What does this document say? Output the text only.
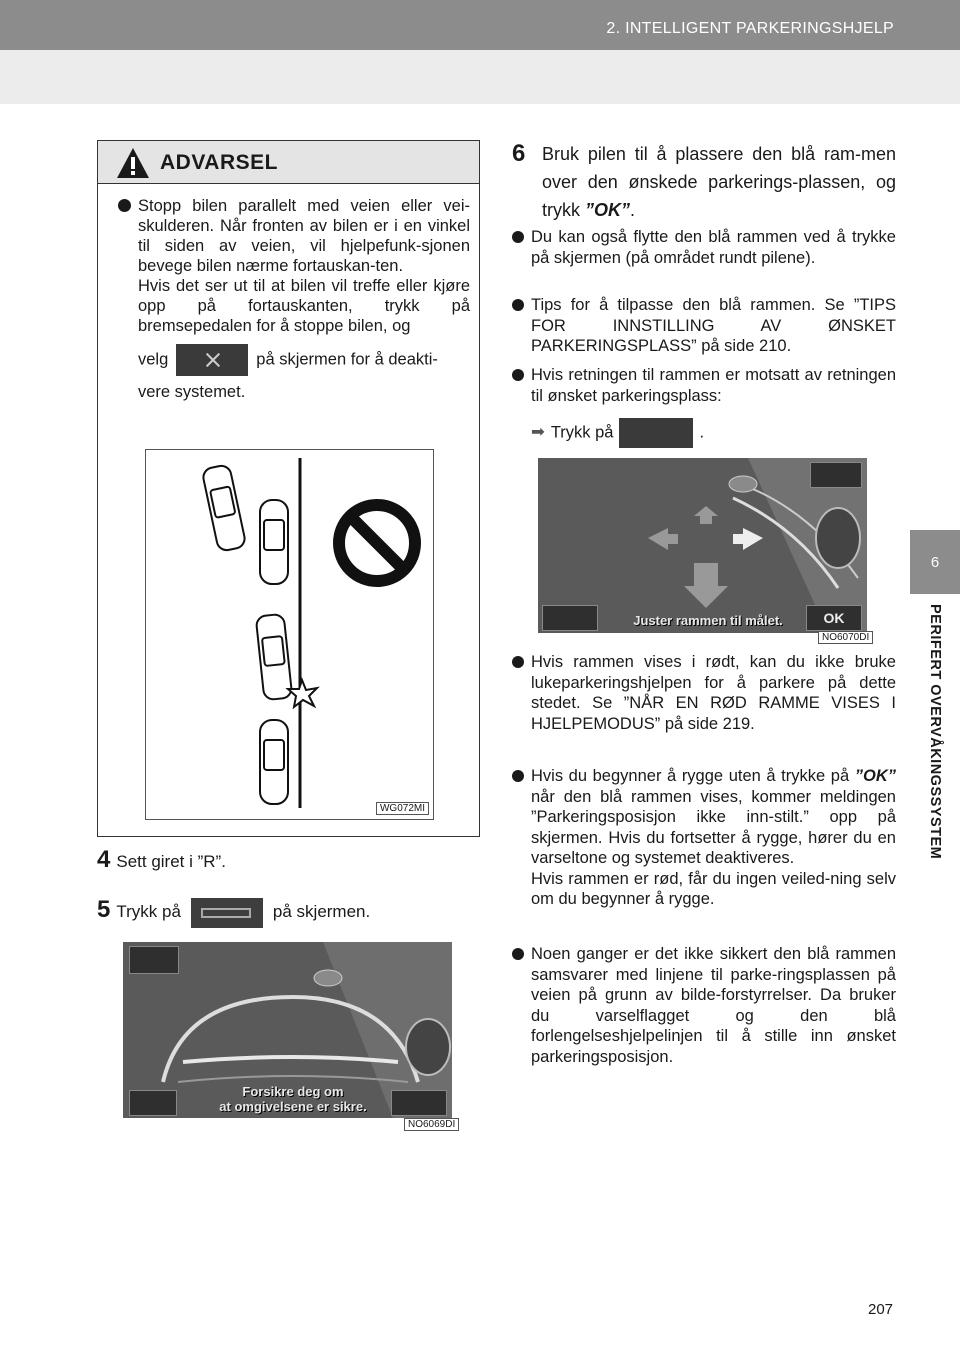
2. INTELLIGENT PARKERINGSHJELP
6
PERIFERT OVERVÅKINGSSYSTEM
ADVARSEL
Stopp bilen parallelt med veien eller vei-skulderen. Når fronten av bilen er i en vinkel til siden av veien, vil hjelpefunk-sjonen bevege bilen nærme fortauskan-ten.
Hvis det ser ut til at bilen vil treffe eller kjøre opp på fortauskanten, trykk på bremsepedalen for å stoppe bilen, og
velg	på skjermen for å deakti-
vere systemet.
WG072MI
4 Sett giret i ”R”.
5 Trykk på	på skjermen.
Forsikre deg om
at omgivelsene er sikre.
NO6069DI
6 Bruk pilen til å plassere den blå ram-men over den ønskede parkerings-plassen, og trykk ”OK”.
Du kan også flytte den blå rammen ved å trykke på skjermen (på området rundt pilene).
Tips for å tilpasse den blå rammen. Se ”TIPS FOR INNSTILLING AV ØNSKET PARKERINGSPLASS” på side 210.
Hvis retningen til rammen er motsatt av retningen til ønsket parkeringsplass:
➡ Trykk på	.
OK
Juster rammen til målet.
NO6070DI
Hvis rammen vises i rødt, kan du ikke bruke lukeparkeringshjelpen for å parkere på dette stedet. Se ”NÅR EN RØD RAMME VISES I HJELPEMODUS” på side 219.
Hvis du begynner å rygge uten å trykke på ”OK” når den blå rammen vises, kommer meldingen ”Parkeringsposisjon ikke inn-stilt.” opp på skjermen. Hvis du fortsetter å rygge, hører du en varseltone og systemet deaktiveres.
Hvis rammen er rød, får du ingen veiled-ning selv om du begynner å rygge.
Noen ganger er det ikke sikkert den blå rammen samsvarer med linjene til parke-ringsplassen på veien på grunn av bilde-forstyrrelser. Da bruker du varselflagget og den blå forlengelseshjelpelinjen til å stille inn ønsket parkeringsposisjon.
207
